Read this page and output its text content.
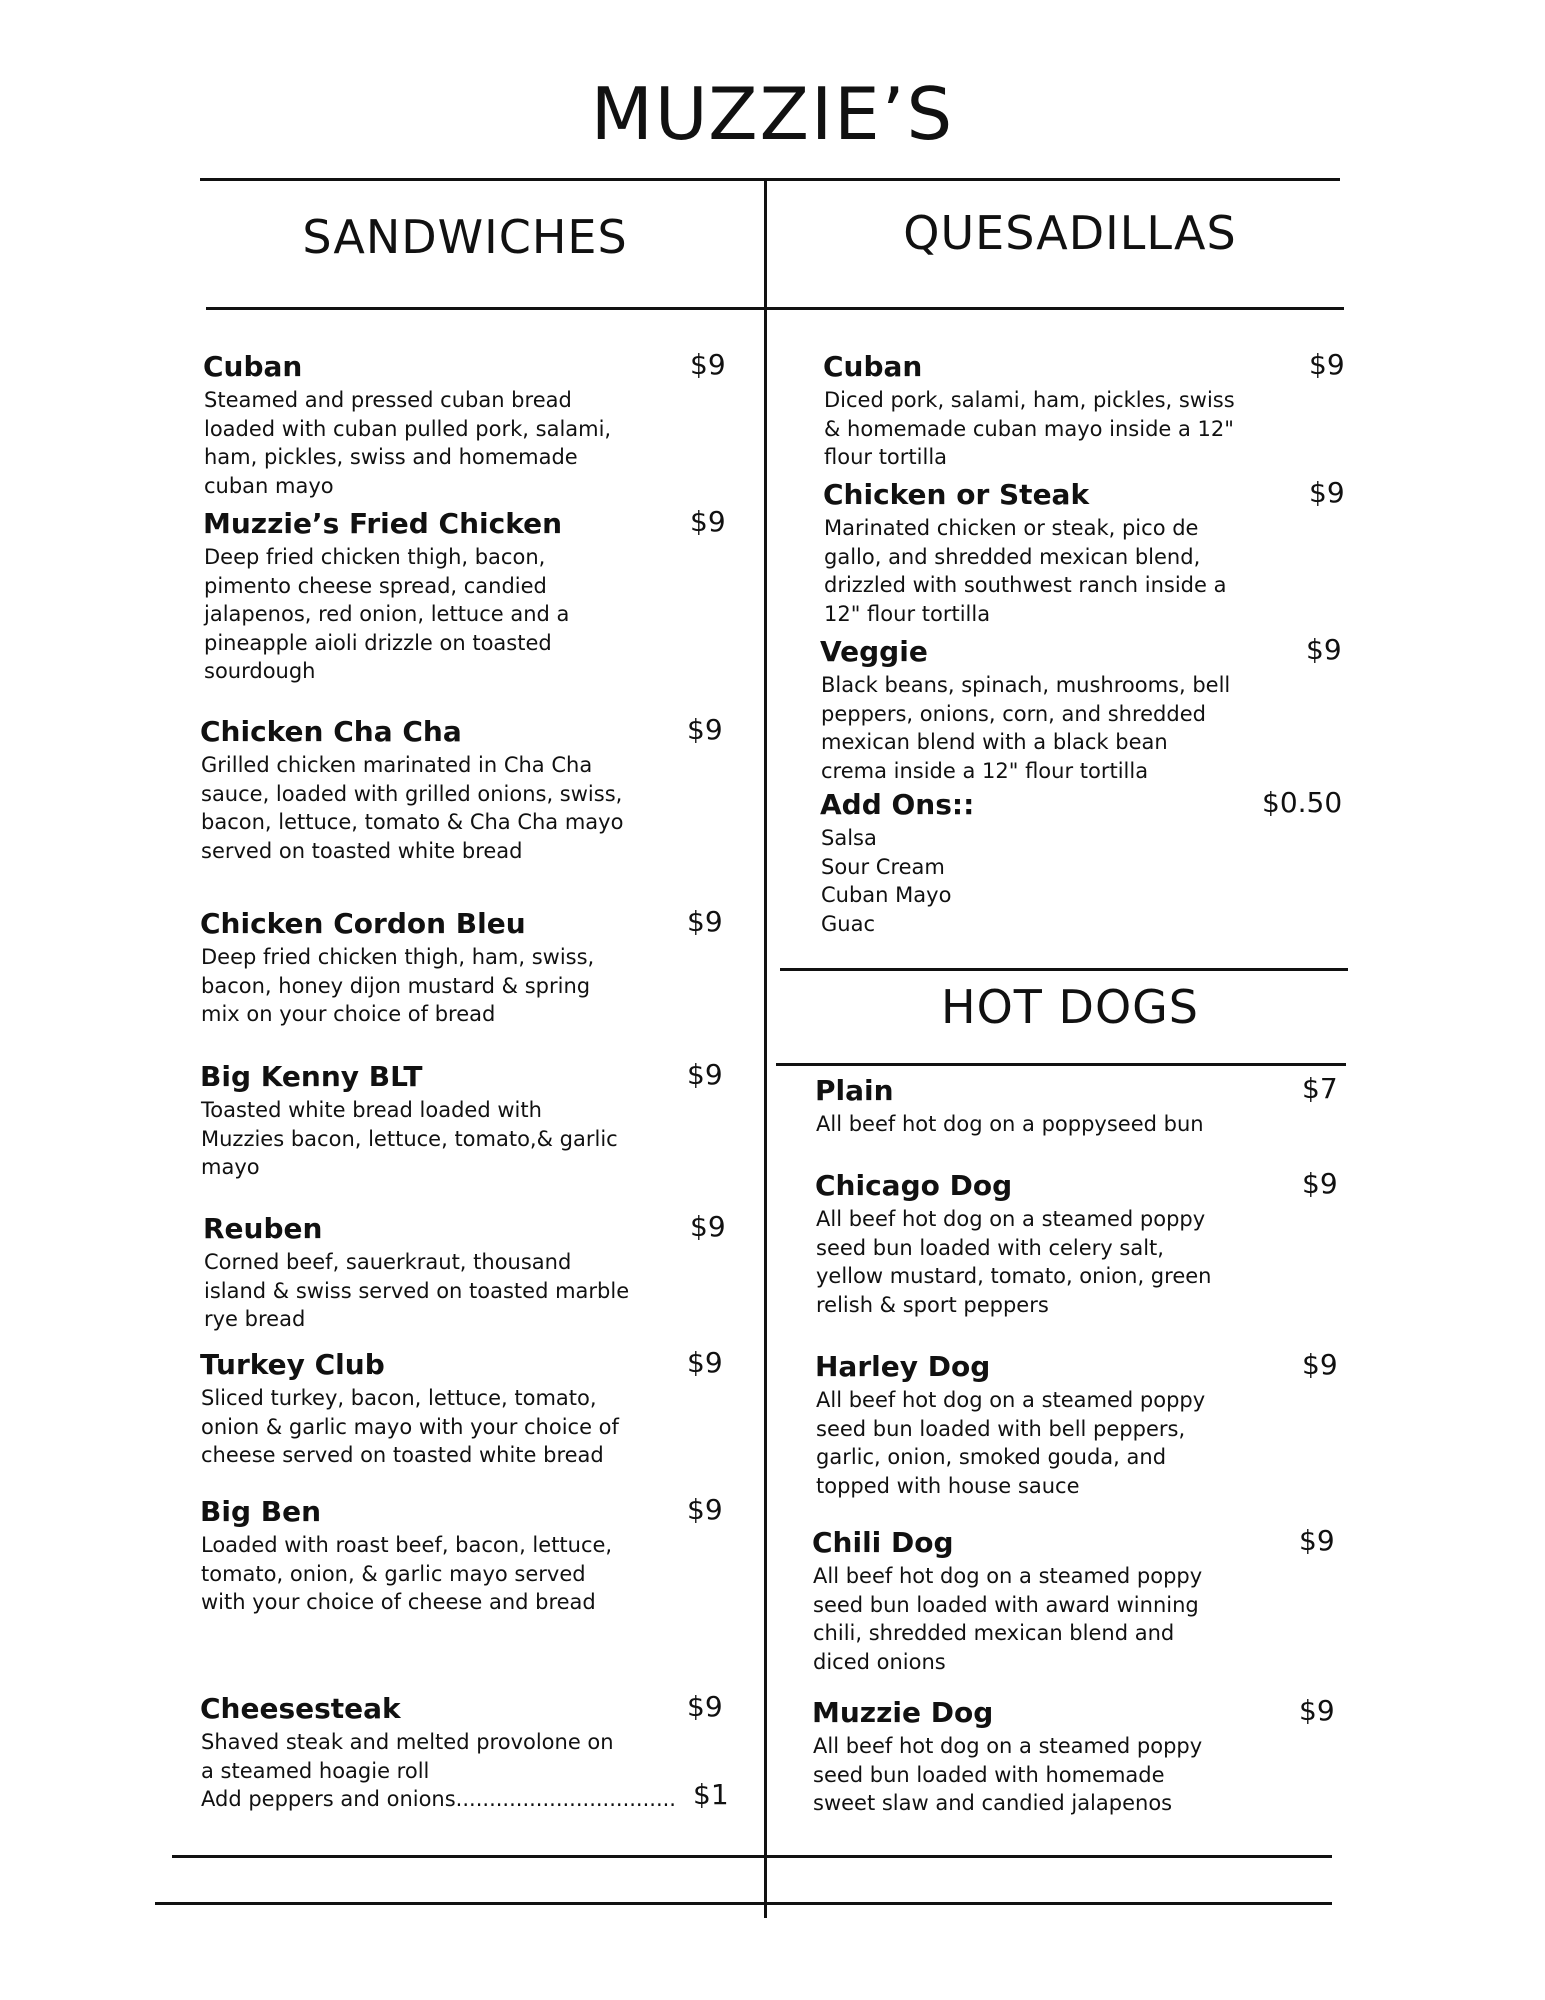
MUZZIE’S
SANDWICHES	QUESADILLAS
HOT DOGS
Cuban	$9
Steamed and pressed cuban bread
loaded with cuban pulled pork, salami,
ham, pickles, swiss and homemade
cuban mayo
Muzzie’s Fried Chicken	$9
Deep fried chicken thigh, bacon,
pimento cheese spread, candied
jalapenos, red onion, lettuce and a
pineapple aioli drizzle on toasted
sourdough
Chicken Cha Cha	$9
Grilled chicken marinated in Cha Cha
sauce, loaded with grilled onions, swiss,
bacon, lettuce, tomato & Cha Cha mayo
served on toasted white bread
Chicken Cordon Bleu	$9
Deep fried chicken thigh, ham, swiss,
bacon, honey dijon mustard & spring
mix on your choice of bread
Big Kenny BLT	$9
Toasted white bread loaded with
Muzzies bacon, lettuce, tomato,& garlic
mayo
Reuben	$9
Corned beef, sauerkraut, thousand
island & swiss served on toasted marble
rye bread
Turkey Club	$9
Sliced turkey, bacon, lettuce, tomato,
onion & garlic mayo with your choice of
cheese served on toasted white bread
Big Ben	$9
Loaded with roast beef, bacon, lettuce,
tomato, onion, & garlic mayo served
with your choice of cheese and bread
Cheesesteak	$9
Shaved steak and melted provolone on
a steamed hoagie roll
Add peppers and onions................................. $1
Cuban	$9
Diced pork, salami, ham, pickles, swiss
& homemade cuban mayo inside a 12"
flour tortilla
Chicken or Steak	$9
Marinated chicken or steak, pico de
gallo, and shredded mexican blend,
drizzled with southwest ranch inside a
12" flour tortilla
Veggie	$9
Black beans, spinach, mushrooms, bell
peppers, onions, corn, and shredded
mexican blend with a black bean
crema inside a 12" flour tortilla
Add Ons::	$0.50
Salsa
Sour Cream
Cuban Mayo
Guac
Plain	$7
All beef hot dog on a poppyseed bun
Chicago Dog	$9
All beef hot dog on a steamed poppy
seed bun loaded with celery salt,
yellow mustard, tomato, onion, green
relish & sport peppers
Harley Dog	$9
All beef hot dog on a steamed poppy
seed bun loaded with bell peppers,
garlic, onion, smoked gouda, and
topped with house sauce
Chili Dog	$9
All beef hot dog on a steamed poppy
seed bun loaded with award winning
chili, shredded mexican blend and
diced onions
Muzzie Dog	$9
All beef hot dog on a steamed poppy
seed bun loaded with homemade
sweet slaw and candied jalapenos
